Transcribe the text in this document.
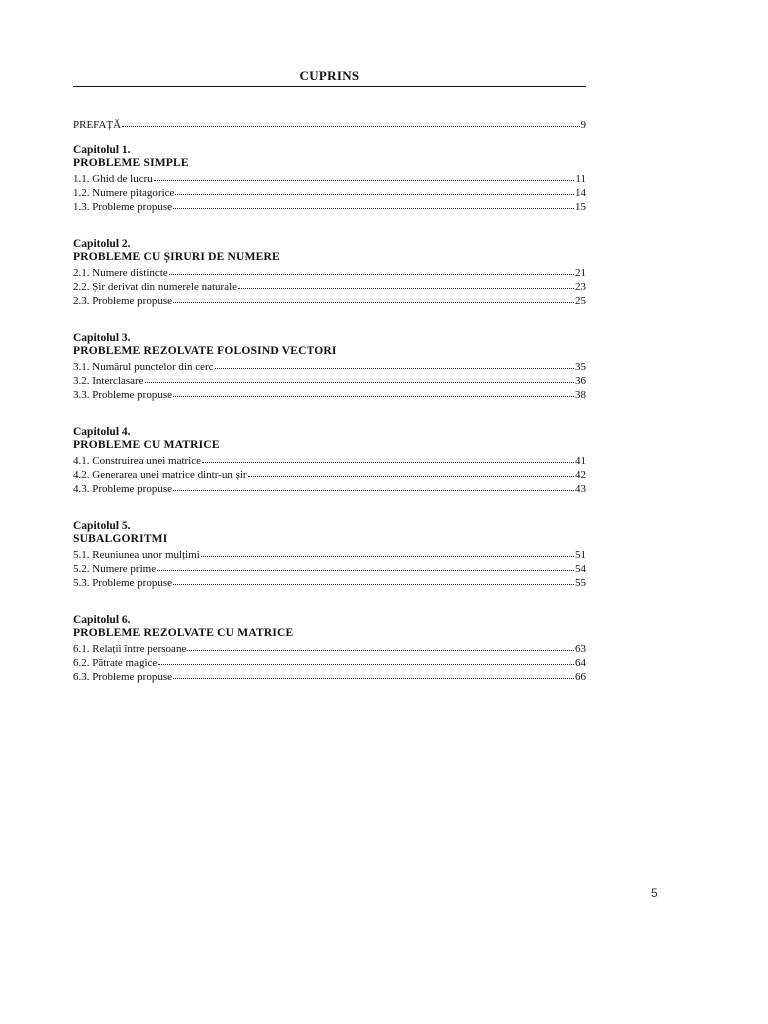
CUPRINS
PREFAȚĂ	9
Capitolul 1.
PROBLEME SIMPLE
1.1. Ghid de lucru	11
1.2. Numere pitagorice	14
1.3. Probleme propuse	15
Capitolul 2.
PROBLEME CU ȘIRURI DE NUMERE
2.1. Numere distincte	21
2.2. Șir derivat din numerele naturale	23
2.3. Probleme propuse	25
Capitolul 3.
PROBLEME REZOLVATE FOLOSIND VECTORI
3.1. Numărul punctelor din cerc	35
3.2. Interclasare	36
3.3. Probleme propuse	38
Capitolul 4.
PROBLEME CU MATRICE
4.1. Construirea unei matrice	41
4.2. Generarea unei matrice dintr-un șir	42
4.3. Probleme propuse	43
Capitolul 5.
SUBALGORITMI
5.1. Reuniunea unor mulțimi	51
5.2. Numere prime	54
5.3. Probleme propuse	55
Capitolul 6.
PROBLEME REZOLVATE CU MATRICE
6.1. Relații între persoane	63
6.2. Pătrate magice	64
6.3. Probleme propuse	66
5
